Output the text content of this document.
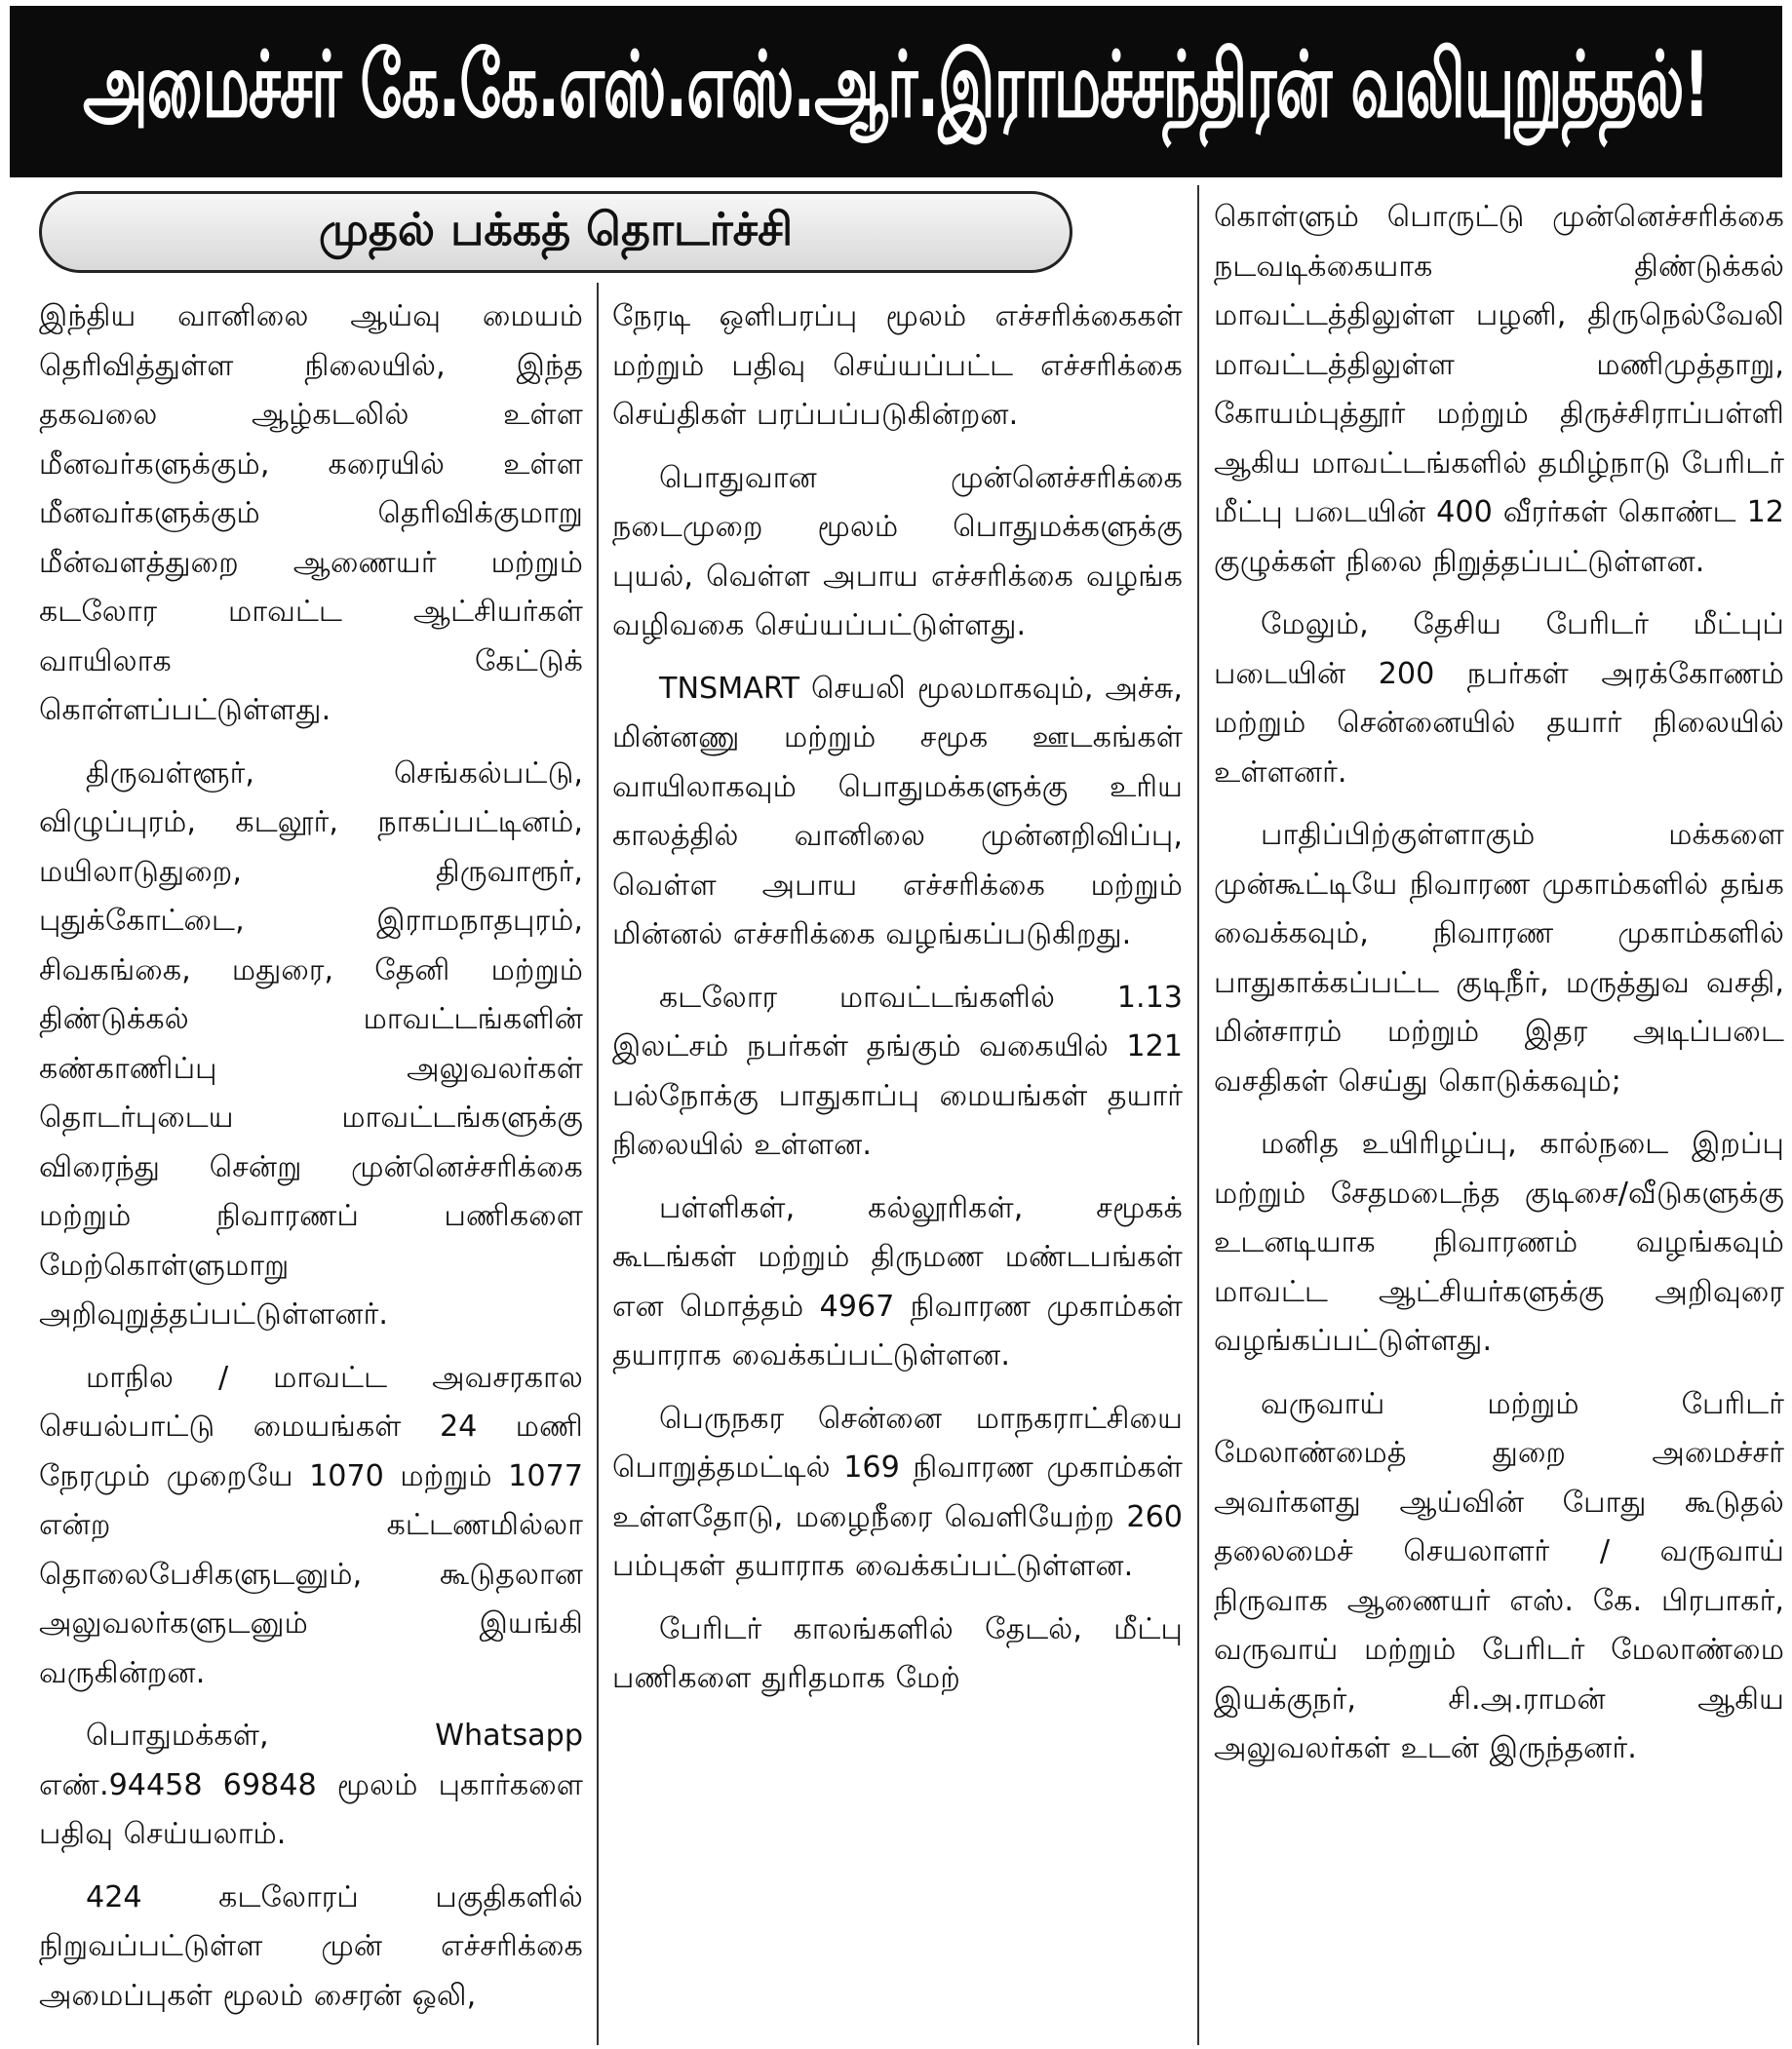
அமைச்சர் கே.கே.எஸ்.எஸ்.ஆர்.இராமச்சந்திரன் வலியுறுத்தல்!
முதல் பக்கத் தொடர்ச்சி

இந்திய வானிலை ஆய்வு மையம் தெரிவித்துள்ள நிலையில், இந்த தகவலை ஆழ்கடலில் உள்ள மீனவர்களுக்கும், கரையில் உள்ள மீனவர்களுக்கும் தெரிவிக்குமாறு மீன்வளத்துறை ஆணையர் மற்றும் கடலோர மாவட்ட ஆட்சியர்கள் வாயிலாக கேட்டுக் கொள்ளப்பட்டுள்ளது.

திருவள்ளூர், செங்கல்பட்டு, விழுப்புரம், கடலூர், நாகப்பட்டினம், மயிலாடுதுறை, திருவாரூர், புதுக்கோட்டை, இராமநாதபுரம், சிவகங்கை, மதுரை, தேனி மற்றும் திண்டுக்கல் மாவட்டங்களின் கண்காணிப்பு அலுவலர்கள் தொடர்புடைய மாவட்டங்களுக்கு விரைந்து சென்று முன்னெச்சரிக்கை மற்றும் நிவாரணப் பணிகளை மேற்கொள்ளுமாறு அறிவுறுத்தப்பட்டுள்ளனர்.

மாநில / மாவட்ட அவசரகால செயல்பாட்டு மையங்கள் 24 மணி நேரமும் முறையே 1070 மற்றும் 1077 என்ற கட்டணமில்லா தொலைபேசிகளுடனும், கூடுதலான அலுவலர்களுடனும் இயங்கி வருகின்றன.

பொதுமக்கள், Whatsapp எண்.94458 69848 மூலம் புகார்களை பதிவு செய்யலாம்.

424 கடலோரப் பகுதிகளில் நிறுவப்பட்டுள்ள முன் எச்சரிக்கை அமைப்புகள் மூலம் சைரன் ஒலி,

நேரடி ஒளிபரப்பு மூலம் எச்சரிக்கைகள் மற்றும் பதிவு செய்யப்பட்ட எச்சரிக்கை செய்திகள் பரப்பப்படுகின்றன.

பொதுவான முன்னெச்சரிக்கை நடைமுறை மூலம் பொதுமக்களுக்கு புயல், வெள்ள அபாய எச்சரிக்கை வழங்க வழிவகை செய்யப்பட்டுள்ளது.

TNSMART செயலி மூலமாகவும், அச்சு, மின்னணு மற்றும் சமூக ஊடகங்கள் வாயிலாகவும் பொதுமக்களுக்கு உரிய காலத்தில் வானிலை முன்னறிவிப்பு, வெள்ள அபாய எச்சரிக்கை மற்றும் மின்னல் எச்சரிக்கை வழங்கப்படுகிறது.

கடலோர மாவட்டங்களில் 1.13 இலட்சம் நபர்கள் தங்கும் வகையில் 121 பல்நோக்கு பாதுகாப்பு மையங்கள் தயார் நிலையில் உள்ளன.

பள்ளிகள், கல்லூரிகள், சமூகக் கூடங்கள் மற்றும் திருமண மண்டபங்கள் என மொத்தம் 4967 நிவாரண முகாம்கள் தயாராக வைக்கப்பட்டுள்ளன.

பெருநகர சென்னை மாநகராட்சியை பொறுத்தமட்டில் 169 நிவாரண முகாம்கள் உள்ளதோடு, மழைநீரை வெளியேற்ற 260 பம்புகள் தயாராக வைக்கப்பட்டுள்ளன.

பேரிடர் காலங்களில் தேடல், மீட்பு பணிகளை துரிதமாக மேற்

கொள்ளும் பொருட்டு முன்னெச்சரிக்கை நடவடிக்கையாக திண்டுக்கல் மாவட்டத்திலுள்ள பழனி, திருநெல்வேலி மாவட்டத்திலுள்ள மணிமுத்தாறு, கோயம்புத்தூர் மற்றும் திருச்சிராப்பள்ளி ஆகிய மாவட்டங்களில் தமிழ்நாடு பேரிடர் மீட்பு படையின் 400 வீரர்கள் கொண்ட 12 குழுக்கள் நிலை நிறுத்தப்பட்டுள்ளன.

மேலும், தேசிய பேரிடர் மீட்புப் படையின் 200 நபர்கள் அரக்கோணம் மற்றும் சென்னையில் தயார் நிலையில் உள்ளனர்.

பாதிப்பிற்குள்ளாகும் மக்களை முன்கூட்டியே நிவாரண முகாம்களில் தங்க வைக்கவும், நிவாரண முகாம்களில் பாதுகாக்கப்பட்ட குடிநீர், மருத்துவ வசதி, மின்சாரம் மற்றும் இதர அடிப்படை வசதிகள் செய்து கொடுக்கவும்;

மனித உயிரிழப்பு, கால்நடை இறப்பு மற்றும் சேதமடைந்த குடிசை/வீடுகளுக்கு உடனடியாக நிவாரணம் வழங்கவும் மாவட்ட ஆட்சியர்களுக்கு அறிவுரை வழங்கப்பட்டுள்ளது.

வருவாய் மற்றும் பேரிடர் மேலாண்மைத் துறை அமைச்சர் அவர்களது ஆய்வின் போது கூடுதல் தலைமைச் செயலாளர் / வருவாய் நிருவாக ஆணையர் எஸ். கே. பிரபாகர், வருவாய் மற்றும் பேரிடர் மேலாண்மை இயக்குநர், சி.அ.ராமன் ஆகிய அலுவலர்கள் உடன் இருந்தனர்.
